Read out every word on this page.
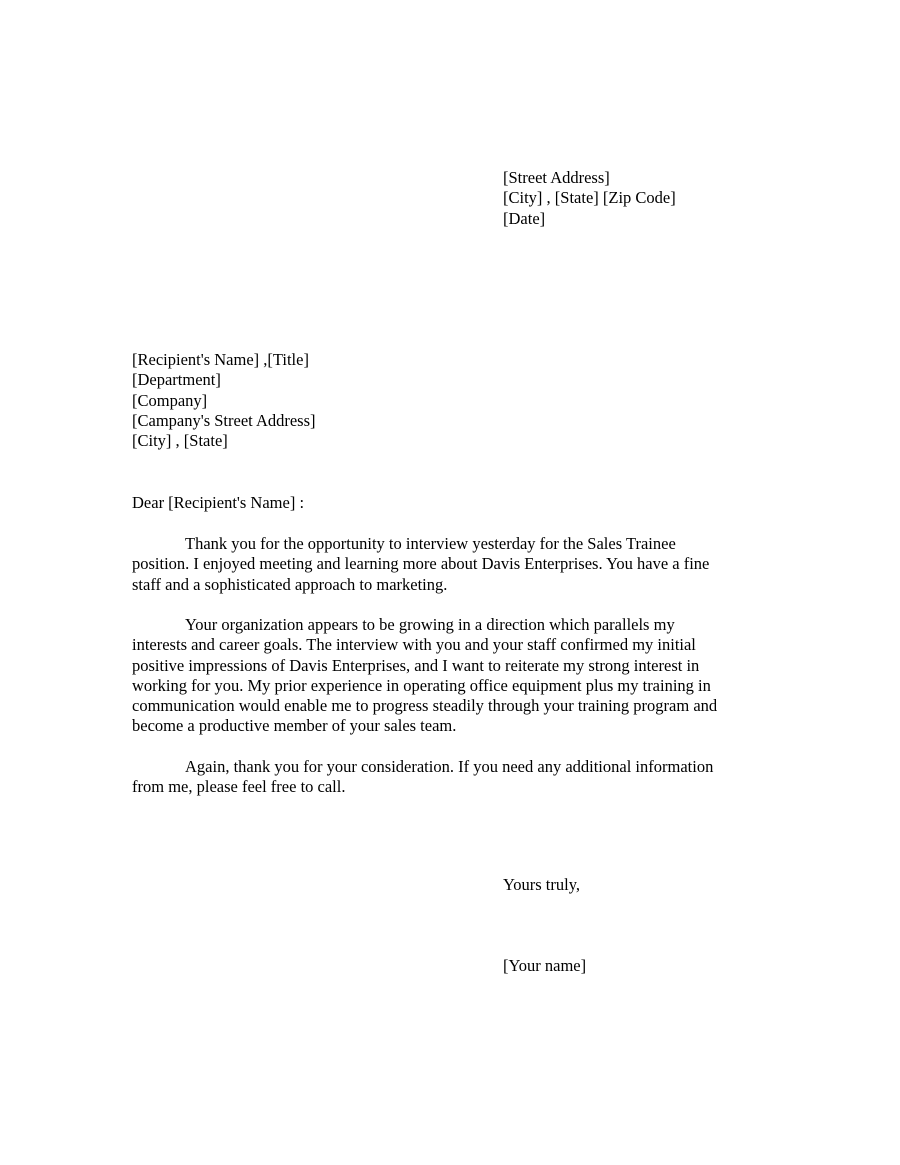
[Street Address]
[City] , [State] [Zip Code]
[Date]
[Recipient's Name] ,[Title]
[Department]
[Company]
[Campany's Street Address]
[City] , [State]
Dear [Recipient's Name] :
Thank you for the opportunity to interview yesterday for the Sales Trainee
position. I enjoyed meeting and learning more about Davis Enterprises. You have a fine
staff and a sophisticated approach to marketing.
Your organization appears to be growing in a direction which parallels my
interests and career goals. The interview with you and your staff confirmed my initial
positive impressions of Davis Enterprises, and I want to reiterate my strong interest in
working for you. My prior experience in operating office equipment plus my training in
communication would enable me to progress steadily through your training program and
become a productive member of your sales team.
Again, thank you for your consideration. If you need any additional information
from me, please feel free to call.
Yours truly,
[Your name]
